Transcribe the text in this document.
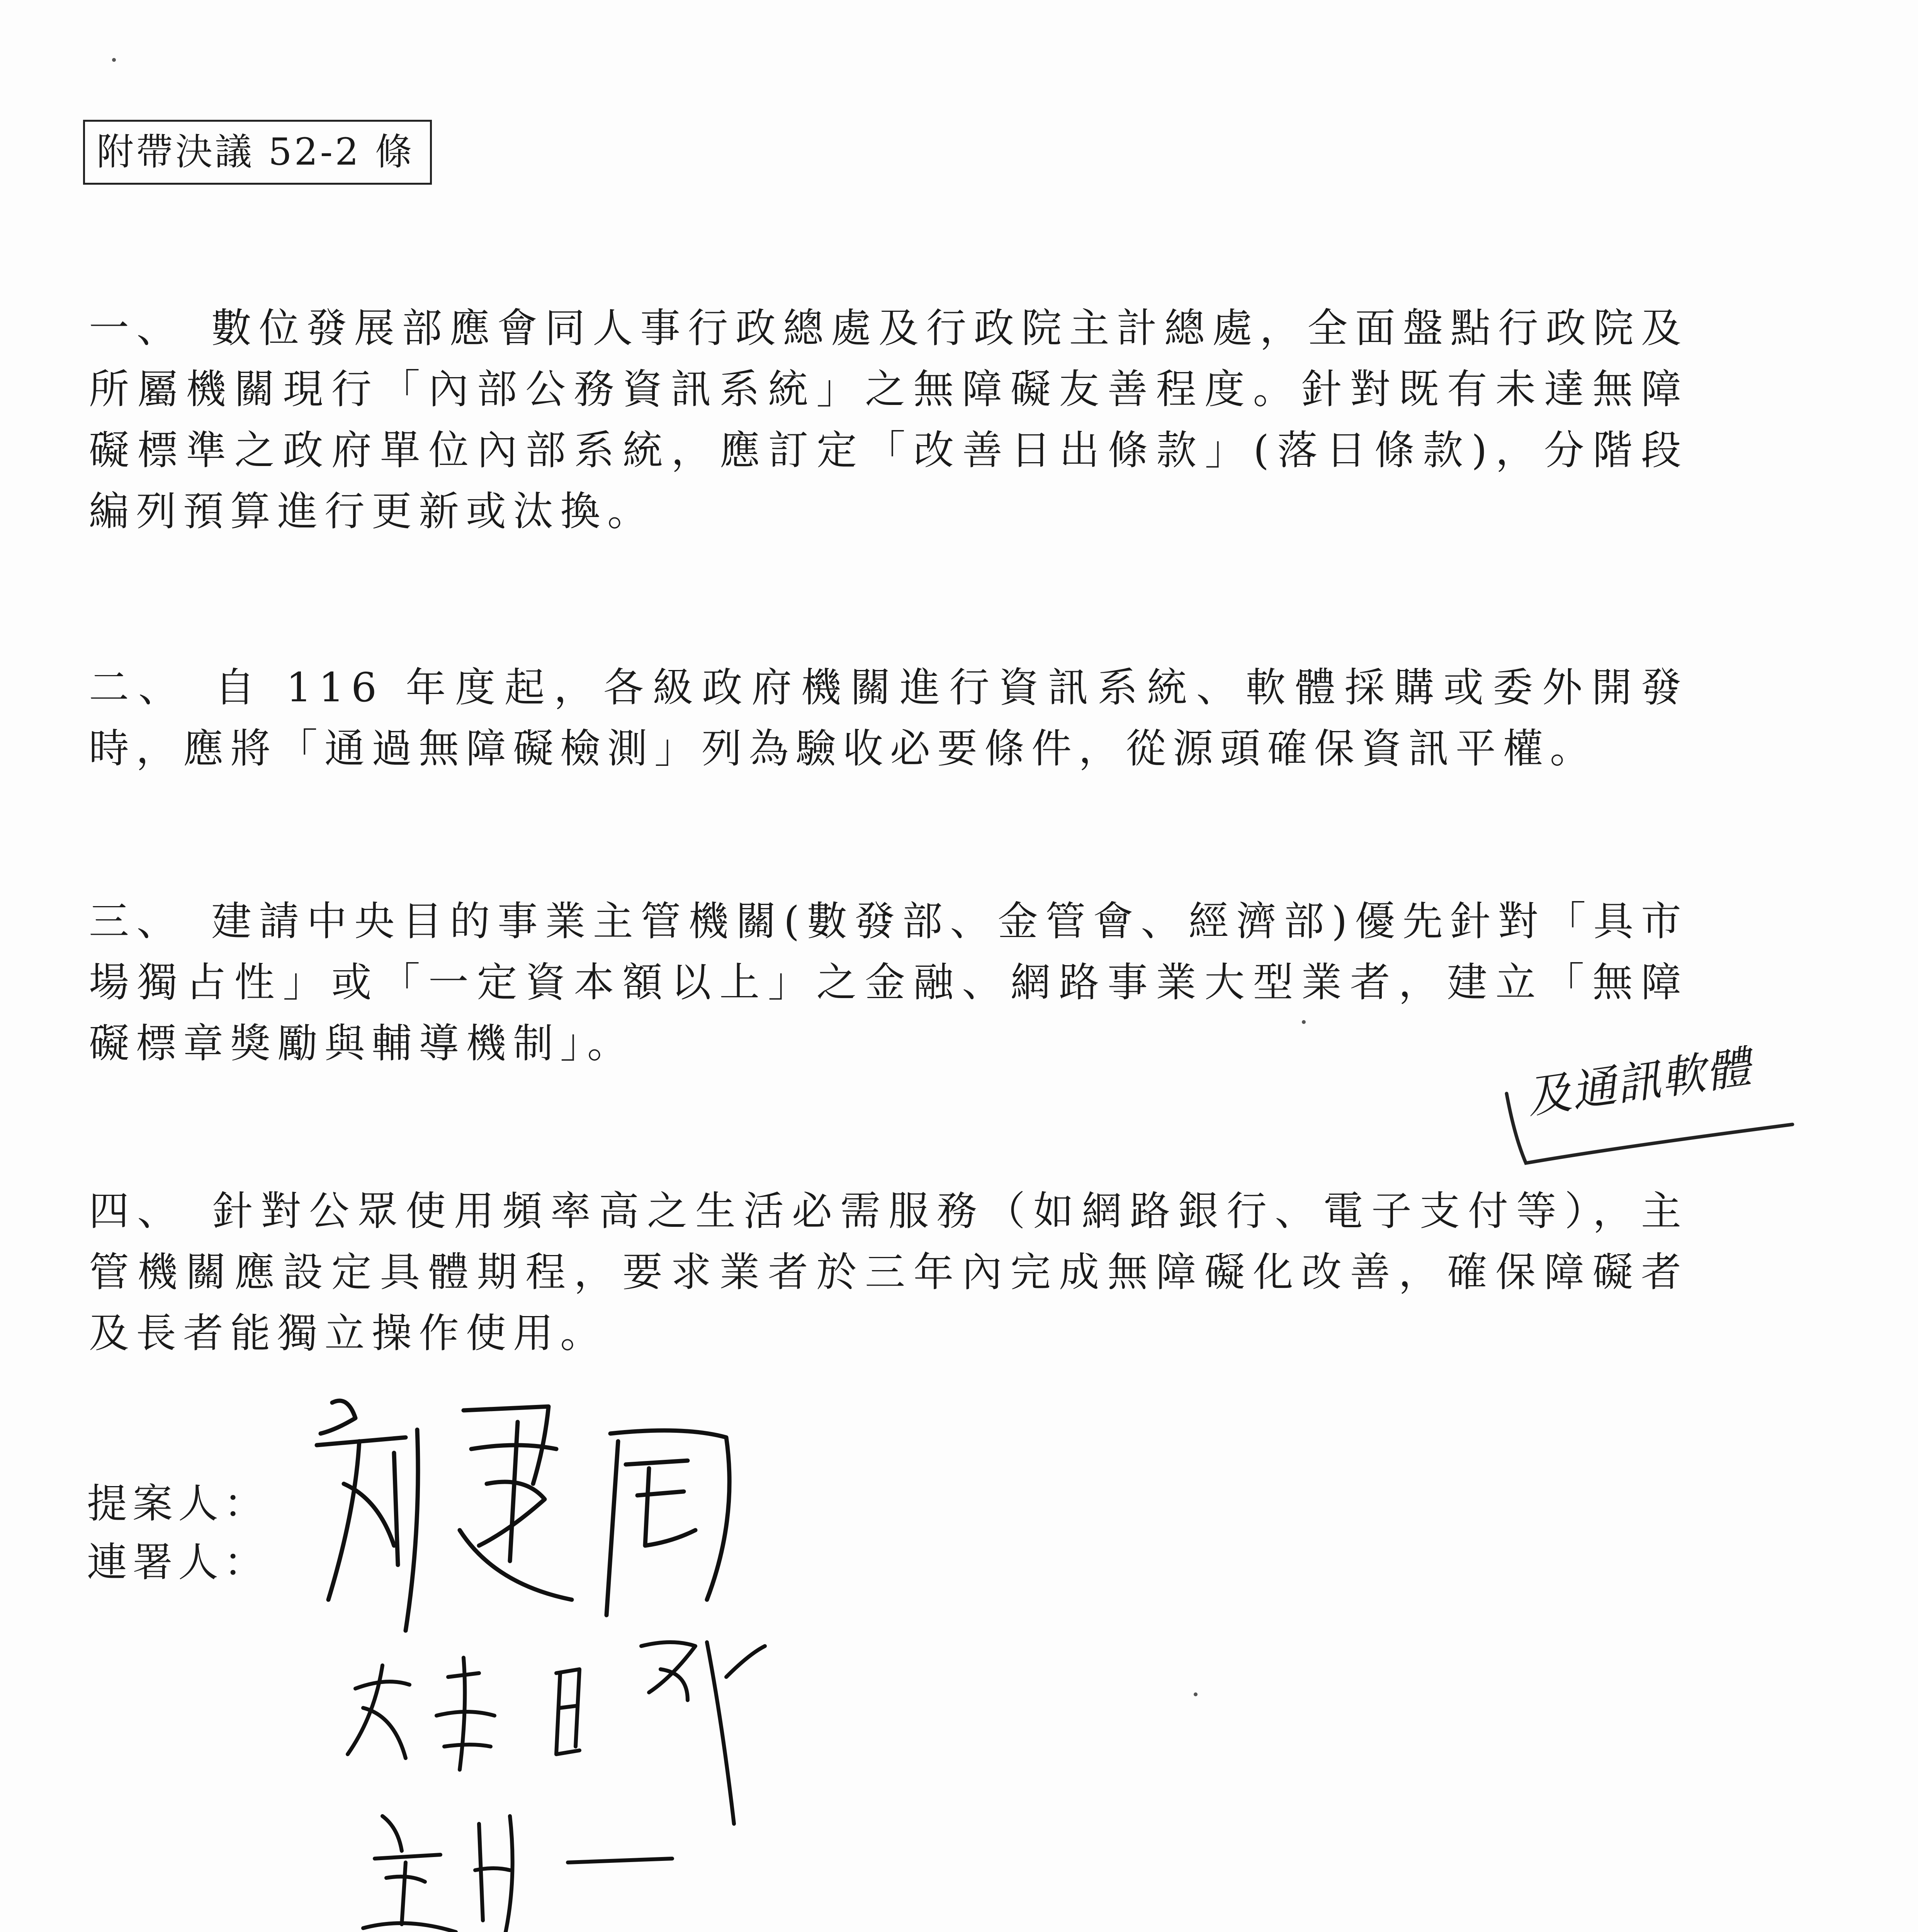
附帶決議 52-2 條
一、 數位發展部應會同人事行政總處及行政院主計總處，全面盤點行政院及所屬機關現行「內部公務資訊系統」之無障礙友善程度。針對既有未達無障礙標準之政府單位內部系統，應訂定「改善日出條款」(落日條款)，分階段編列預算進行更新或汰換。
二、 自 116 年度起，各級政府機關進行資訊系統、軟體採購或委外開發時，應將「通過無障礙檢測」列為驗收必要條件，從源頭確保資訊平權。
三、 建請中央目的事業主管機關(數發部、金管會、經濟部)優先針對「具市場獨占性」或「一定資本額以上」之金融、網路事業大型業者，建立「無障礙標章獎勵與輔導機制」。
四、 針對公眾使用頻率高之生活必需服務（如網路銀行、電子支付等），主管機關應設定具體期程，要求業者於三年內完成無障礙化改善，確保障礙者及長者能獨立操作使用。
及通訊軟體
提案人：
連署人：
